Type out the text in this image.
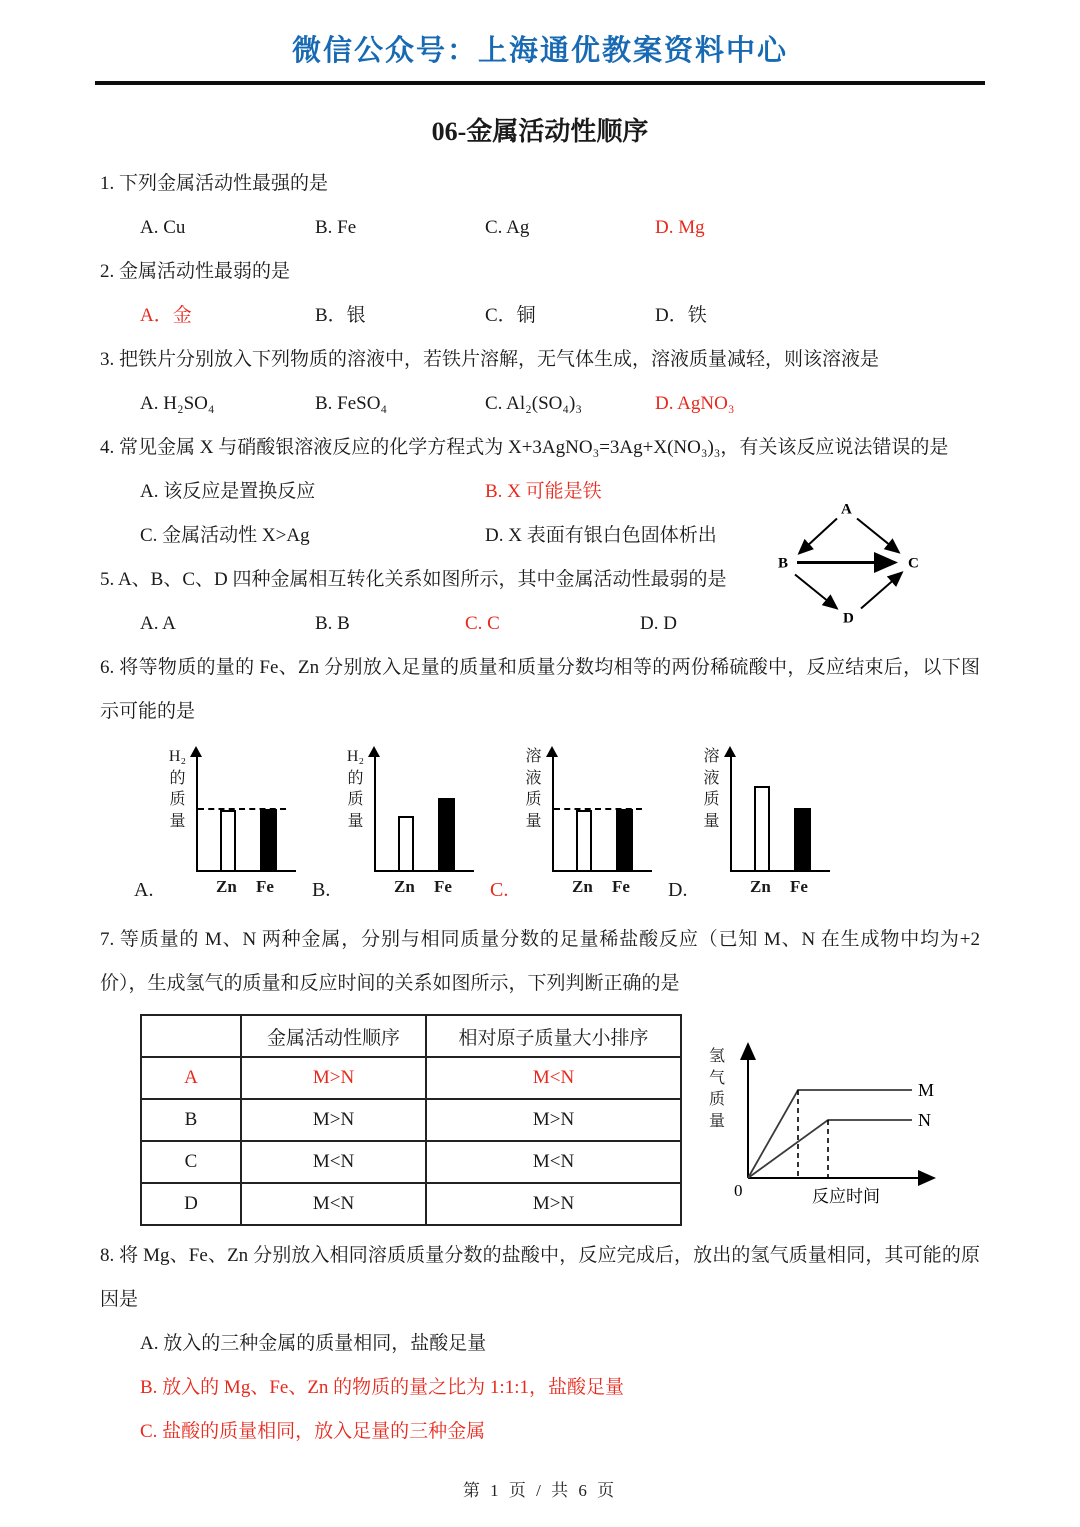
微信公众号：上海通优教案资料中心
06-金属活动性顺序

1. 下列金属活动性最强的是

A. Cu	B. Fe	C. Ag	D. Mg

2. 金属活动性最弱的是

A．金	B．银	C．铜	D．铁

3. 把铁片分别放入下列物质的溶液中，若铁片溶解，无气体生成，溶液质量减轻，则该溶液是

A. H₂SO₄	B. FeSO₄	C. Al₂(SO₄)₃	D. AgNO₃

4. 常见金属 X 与硝酸银溶液反应的化学方程式为 X+3AgNO₃=3Ag+X(NO₃)₃，有关该反应说法错误的是

A. 该反应是置换反应	B. X 可能是铁
C. 金属活动性 X>Ag	D. X 表面有银白色固体析出

5. A、B、C、D 四种金属相互转化关系如图所示，其中金属活动性最弱的是

A. A	B. B	C. C	D. D
A
B	C
D

6. 将等物质的量的 Fe、Zn 分别放入足量的质量和质量分数均相等的两份稀硫酸中，反应结束后，以下图示可能的是

A.
H₂的质量
Zn Fe B.
H₂的质量
Zn Fe C.
溶液质量
Zn Fe D.
溶液质量
Zn Fe

7. 等质量的 M、N 两种金属，分别与相同质量分数的足量稀盐酸反应（已知 M、N 在生成物中均为+2 价），生成氢气的质量和反应时间的关系如图所示，下列判断正确的是

	金属活动性顺序	相对原子质量大小排序
A	M>N	M<N
B	M>N	M>N
C	M<N	M<N
D	M<N	M>N
氢气质量
M
N
0	反应时间

8. 将 Mg、Fe、Zn 分别放入相同溶质质量分数的盐酸中，反应完成后，放出的氢气质量相同，其可能的原因是

A. 放入的三种金属的质量相同，盐酸足量
B. 放入的 Mg、Fe、Zn 的物质的量之比为 1:1:1，盐酸足量
C. 盐酸的质量相同，放入足量的三种金属
第 1 页 / 共 6 页
